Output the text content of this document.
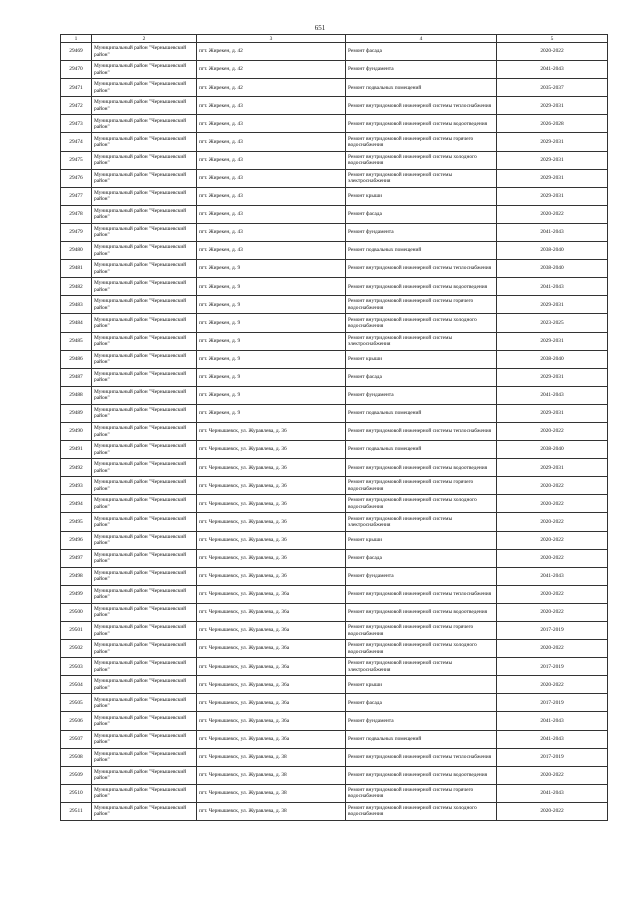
651
1	2	3	4	5
29469	Муниципальный район "Чернышевский район"	пгт. Жирекен, д. 42	Ремонт фасада	2020-2022
29470	Муниципальный район "Чернышевский район"	пгт. Жирекен, д. 42	Ремонт фундамента	2041-2043
29471	Муниципальный район "Чернышевский район"	пгт. Жирекен, д. 42	Ремонт подвальных помещений	2035-2037
29472	Муниципальный район "Чернышевский район"	пгт. Жирекен, д. 43	Ремонт внутридомовой инженерной системы теплоснабжения	2029-2031
29473	Муниципальный район "Чернышевский район"	пгт. Жирекен, д. 43	Ремонт внутридомовой инженерной системы водоотведения	2026-2028
29474	Муниципальный район "Чернышевский район"	пгт. Жирекен, д. 43	Ремонт внутридомовой инженерной системы горячего водоснабжения	2029-2031
29475	Муниципальный район "Чернышевский район"	пгт. Жирекен, д. 43	Ремонт внутридомовой инженерной системы холодного водоснабжения	2029-2031
29476	Муниципальный район "Чернышевский район"	пгт. Жирекен, д. 43	Ремонт внутридомовой инженерной системы электроснабжения	2029-2031
29477	Муниципальный район "Чернышевский район"	пгт. Жирекен, д. 43	Ремонт крыши	2029-2031
29478	Муниципальный район "Чернышевский район"	пгт. Жирекен, д. 43	Ремонт фасада	2020-2022
29479	Муниципальный район "Чернышевский район"	пгт. Жирекен, д. 43	Ремонт фундамента	2041-2043
29480	Муниципальный район "Чернышевский район"	пгт. Жирекен, д. 43	Ремонт подвальных помещений	2038-2040
29481	Муниципальный район "Чернышевский район"	пгт. Жирекен, д. 9	Ремонт внутридомовой инженерной системы теплоснабжения	2038-2040
29482	Муниципальный район "Чернышевский район"	пгт. Жирекен, д. 9	Ремонт внутридомовой инженерной системы водоотведения	2041-2043
29483	Муниципальный район "Чернышевский район"	пгт. Жирекен, д. 9	Ремонт внутридомовой инженерной системы горячего водоснабжения	2029-2031
29484	Муниципальный район "Чернышевский район"	пгт. Жирекен, д. 9	Ремонт внутридомовой инженерной системы холодного водоснабжения	2023-2025
29485	Муниципальный район "Чернышевский район"	пгт. Жирекен, д. 9	Ремонт внутридомовой инженерной системы электроснабжения	2029-2031
29486	Муниципальный район "Чернышевский район"	пгт. Жирекен, д. 9	Ремонт крыши	2038-2040
29487	Муниципальный район "Чернышевский район"	пгт. Жирекен, д. 9	Ремонт фасада	2029-2031
29488	Муниципальный район "Чернышевский район"	пгт. Жирекен, д. 9	Ремонт фундамента	2041-2043
29489	Муниципальный район "Чернышевский район"	пгт. Жирекен, д. 9	Ремонт подвальных помещений	2029-2031
29490	Муниципальный район "Чернышевский район"	пгт. Чернышевск, ул. Журавлева, д. 36	Ремонт внутридомовой инженерной системы теплоснабжения	2020-2022
29491	Муниципальный район "Чернышевский район"	пгт. Чернышевск, ул. Журавлева, д. 36	Ремонт подвальных помещений	2038-2040
29492	Муниципальный район "Чернышевский район"	пгт. Чернышевск, ул. Журавлева, д. 36	Ремонт внутридомовой инженерной системы водоотведения	2029-2031
29493	Муниципальный район "Чернышевский район"	пгт. Чернышевск, ул. Журавлева, д. 36	Ремонт внутридомовой инженерной системы горячего водоснабжения	2020-2022
29494	Муниципальный район "Чернышевский район"	пгт. Чернышевск, ул. Журавлева, д. 36	Ремонт внутридомовой инженерной системы холодного водоснабжения	2020-2022
29495	Муниципальный район "Чернышевский район"	пгт. Чернышевск, ул. Журавлева, д. 36	Ремонт внутридомовой инженерной системы электроснабжения	2020-2022
29496	Муниципальный район "Чернышевский район"	пгт. Чернышевск, ул. Журавлева, д. 36	Ремонт крыши	2020-2022
29497	Муниципальный район "Чернышевский район"	пгт. Чернышевск, ул. Журавлева, д. 36	Ремонт фасада	2020-2022
29498	Муниципальный район "Чернышевский район"	пгт. Чернышевск, ул. Журавлева, д. 36	Ремонт фундамента	2041-2043
29499	Муниципальный район "Чернышевский район"	пгт. Чернышевск, ул. Журавлева, д. 36а	Ремонт внутридомовой инженерной системы теплоснабжения	2020-2022
29500	Муниципальный район "Чернышевский район"	пгт. Чернышевск, ул. Журавлева, д. 36а	Ремонт внутридомовой инженерной системы водоотведения	2020-2022
29501	Муниципальный район "Чернышевский район"	пгт. Чернышевск, ул. Журавлева, д. 36а	Ремонт внутридомовой инженерной системы горячего водоснабжения	2017-2019
29502	Муниципальный район "Чернышевский район"	пгт. Чернышевск, ул. Журавлева, д. 36а	Ремонт внутридомовой инженерной системы холодного водоснабжения	2020-2022
29503	Муниципальный район "Чернышевский район"	пгт. Чернышевск, ул. Журавлева, д. 36а	Ремонт внутридомовой инженерной системы электроснабжения	2017-2019
29504	Муниципальный район "Чернышевский район"	пгт. Чернышевск, ул. Журавлева, д. 36а	Ремонт крыши	2020-2022
29505	Муниципальный район "Чернышевский район"	пгт. Чернышевск, ул. Журавлева, д. 36а	Ремонт фасада	2017-2019
29506	Муниципальный район "Чернышевский район"	пгт. Чернышевск, ул. Журавлева, д. 36а	Ремонт фундамента	2041-2043
29507	Муниципальный район "Чернышевский район"	пгт. Чернышевск, ул. Журавлева, д. 36а	Ремонт подвальных помещений	2041-2043
29508	Муниципальный район "Чернышевский район"	пгт. Чернышевск, ул. Журавлева, д. 38	Ремонт внутридомовой инженерной системы теплоснабжения	2017-2019
29509	Муниципальный район "Чернышевский район"	пгт. Чернышевск, ул. Журавлева, д. 38	Ремонт внутридомовой инженерной системы водоотведения	2020-2022
29510	Муниципальный район "Чернышевский район"	пгт. Чернышевск, ул. Журавлева, д. 38	Ремонт внутридомовой инженерной системы горячего водоснабжения	2041-2043
29511	Муниципальный район "Чернышевский район"	пгт. Чернышевск, ул. Журавлева, д. 38	Ремонт внутридомовой инженерной системы холодного водоснабжения	2020-2022
